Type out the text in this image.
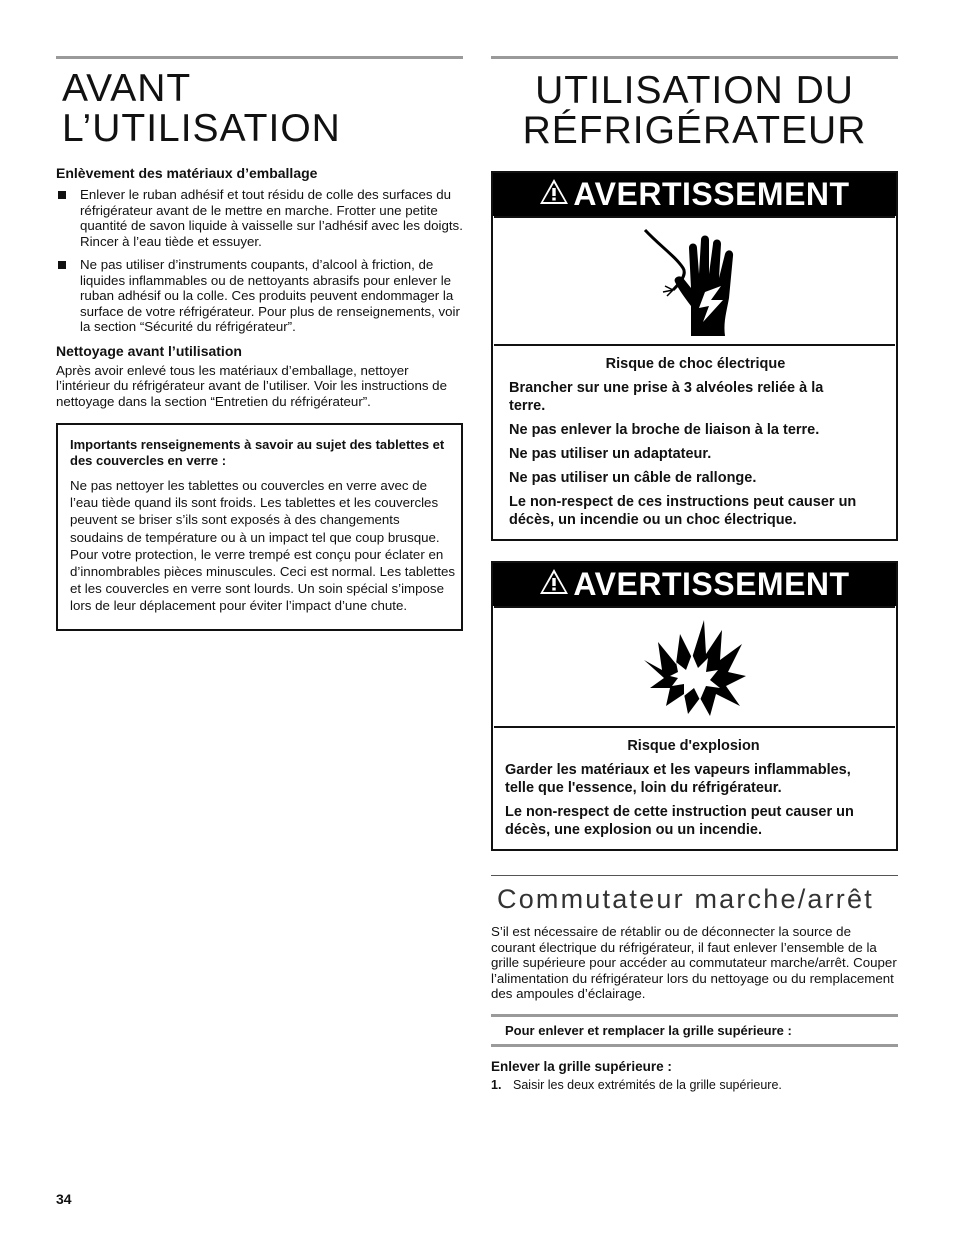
AVANT L’UTILISATION
Enlèvement des matériaux d’emballage
Enlever le ruban adhésif et tout résidu de colle des surfaces du réfrigérateur avant de le mettre en marche. Frotter une petite quantité de savon liquide à vaisselle sur l’adhésif avec les doigts. Rincer à l’eau tiède et essuyer.
Ne pas utiliser d’instruments coupants, d’alcool à friction, de liquides inflammables ou de nettoyants abrasifs pour enlever le ruban adhésif ou la colle. Ces produits peuvent endommager la surface de votre réfrigérateur. Pour plus de renseignements, voir la section “Sécurité du réfrigérateur”.
Nettoyage avant l’utilisation

Après avoir enlevé tous les matériaux d’emballage, nettoyer l’intérieur du réfrigérateur avant de l’utiliser. Voir les instructions de nettoyage dans la section “Entretien du réfrigérateur”.

Importants renseignements à savoir au sujet des tablettes et des couvercles en verre :

Ne pas nettoyer les tablettes ou couvercles en verre avec de l’eau tiède quand ils sont froids. Les tablettes et les couvercles peuvent se briser s’ils sont exposés à des changements soudains de température ou à un impact tel que coup brusque. Pour votre protection, le verre trempé est conçu pour éclater en d’innombrables pièces minuscules. Ceci est normal. Les tablettes et les couvercles en verre sont lourds. Un soin spécial s’impose lors de leur déplacement pour éviter l’impact d’une chute.

UTILISATION DU
RÉFRIGÉRATEUR
AVERTISSEMENT
Risque de choc électrique
Brancher sur une prise à 3 alvéoles reliée à la terre.
Ne pas enlever la broche de liaison à la terre.
Ne pas utiliser un adaptateur.
Ne pas utiliser un câble de rallonge.
Le non-respect de ces instructions peut causer un décès, un incendie ou un choc électrique.
AVERTISSEMENT
Risque d'explosion
Garder les matériaux et les vapeurs inflammables, telle que l'essence, loin du réfrigérateur.
Le non-respect de cette instruction peut causer un décès, une explosion ou un incendie.
Commutateur marche/arrêt

S’il est nécessaire de rétablir ou de déconnecter la source de courant électrique du réfrigérateur, il faut enlever l’ensemble de la grille supérieure pour accéder au commutateur marche/arrêt. Couper l’alimentation du réfrigérateur lors du nettoyage ou du remplacement des ampoules d’éclairage.

Pour enlever et remplacer la grille supérieure :
Enlever la grille supérieure :

1. Saisir les deux extrémités de la grille supérieure.

34
